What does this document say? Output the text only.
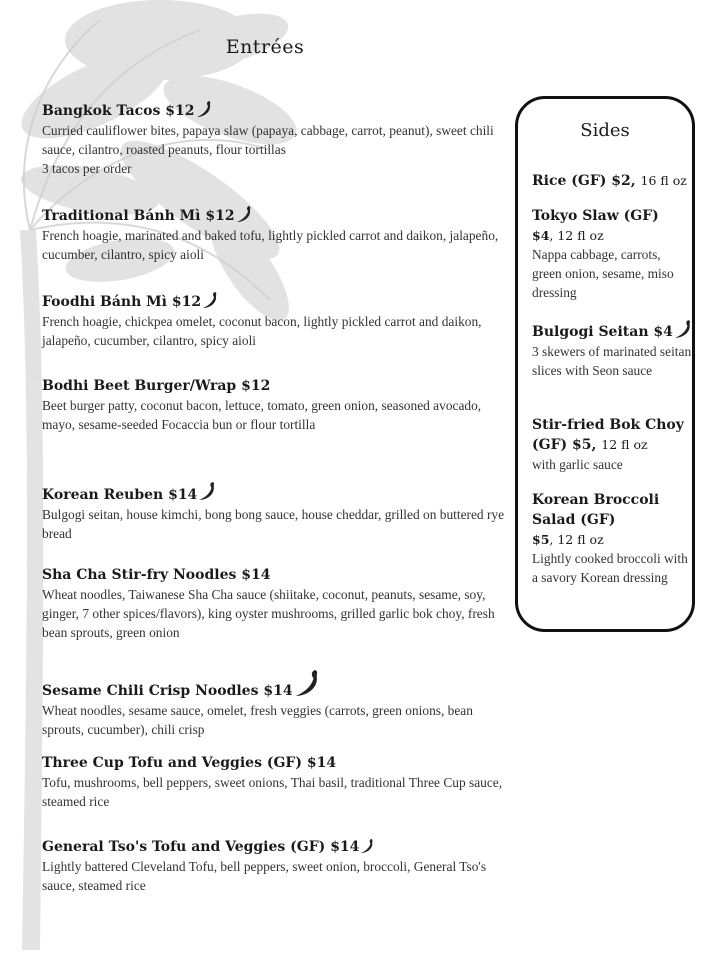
Entrées
Bangkok Tacos $12
Curried cauliflower bites, papaya slaw (papaya, cabbage, carrot, peanut), sweet chili sauce, cilantro, roasted peanuts, flour tortillas
3 tacos per order
Traditional Bánh Mì $12
French hoagie, marinated and baked tofu, lightly pickled carrot and daikon, jalapeño, cucumber, cilantro, spicy aioli
Foodhi Bánh Mì $12
French hoagie, chickpea omelet, coconut bacon, lightly pickled carrot and daikon, jalapeño, cucumber, cilantro, spicy aioli
Bodhi Beet Burger/Wrap $12
Beet burger patty, coconut bacon, lettuce, tomato, green onion, seasoned avocado, mayo, sesame-seeded Focaccia bun or flour tortilla
Korean Reuben $14
Bulgogi seitan, house kimchi, bong bong sauce, house cheddar, grilled on buttered rye bread
Sha Cha Stir-fry Noodles $14
Wheat noodles, Taiwanese Sha Cha sauce (shiitake, coconut, peanuts, sesame, soy, ginger, 7 other spices/flavors), king oyster mushrooms, grilled garlic bok choy, fresh bean sprouts, green onion
Sesame Chili Crisp Noodles $14
Wheat noodles, sesame sauce, omelet, fresh veggies (carrots, green onions, bean sprouts, cucumber), chili crisp
Three Cup Tofu and Veggies (GF) $14
Tofu, mushrooms, bell peppers, sweet onions, Thai basil, traditional Three Cup sauce, steamed rice
General Tso's Tofu and Veggies (GF) $14
Lightly battered Cleveland Tofu, bell peppers, sweet onion, broccoli, General Tso's sauce, steamed rice
Sides
Rice (GF) $2, 16 fl oz
Tokyo Slaw (GF)
$4, 12 fl oz
Nappa cabbage, carrots, green onion, sesame, miso dressing
Bulgogi Seitan $4
3 skewers of marinated seitan slices with Seon sauce
Stir-fried Bok Choy (GF) $5, 12 fl oz
with garlic sauce
Korean Broccoli Salad (GF)
$5, 12 fl oz
Lightly cooked broccoli with a savory Korean dressing
